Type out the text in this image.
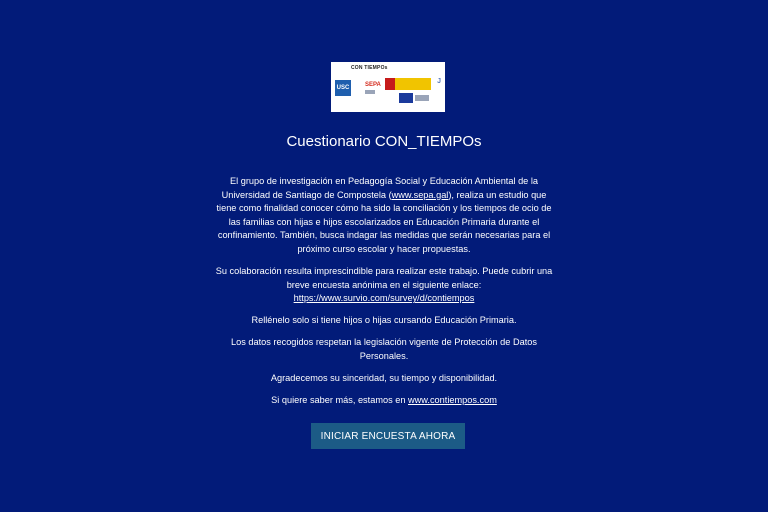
CON TIEMPOs
USC	SEPA	J
Cuestionario CON_TIEMPOs

El grupo de investigación en Pedagogía Social y Educación Ambiental de la Universidad de Santiago de Compostela (www.sepa.gal), realiza un estudio que tiene como finalidad conocer cómo ha sido la conciliación y los tiempos de ocio de las familias con hijas e hijos escolarizados en Educación Primaria durante el confinamiento. También, busca indagar las medidas que serán necesarias para el próximo curso escolar y hacer propuestas.

Su colaboración resulta imprescindible para realizar este trabajo. Puede cubrir una breve encuesta anónima en el siguiente enlace:
https://www.survio.com/survey/d/contiempos

Rellénelo solo si tiene hijos o hijas cursando Educación Primaria.

Los datos recogidos respetan la legislación vigente de Protección de Datos Personales.

Agradecemos su sinceridad, su tiempo y disponibilidad.

Si quiere saber más, estamos en www.contiempos.com

INICIAR ENCUESTA AHORA
